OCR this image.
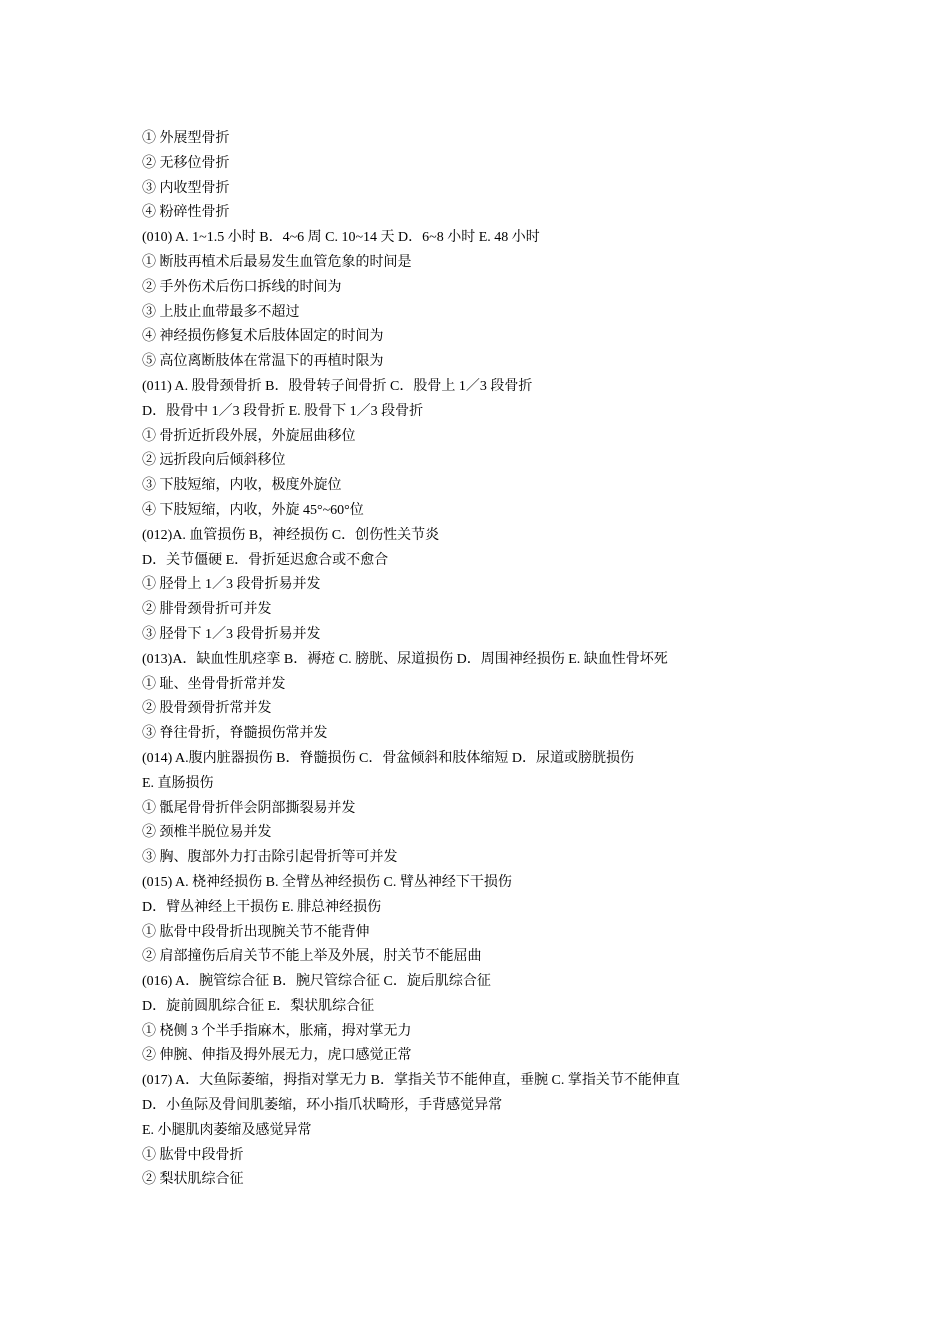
① 外展型骨折
② 无移位骨折
③ 内收型骨折
④ 粉碎性骨折
(010) A. 1~1.5 小时 B．4~6 周 C. 10~14 天 D．6~8 小时 E. 48 小时
① 断肢再植术后最易发生血管危象的时间是
② 手外伤术后伤口拆线的时间为
③ 上肢止血带最多不超过
④ 神经损伤修复术后肢体固定的时间为
⑤ 高位离断肢体在常温下的再植时限为
(011) A. 股骨颈骨折 B．股骨转子间骨折 C．股骨上 1／3 段骨折
D．股骨中 1／3 段骨折 E. 股骨下 1／3 段骨折
① 骨折近折段外展，外旋屈曲移位
② 远折段向后倾斜移位
③ 下肢短缩，内收，极度外旋位
④ 下肢短缩，内收，外旋 45°~60°位
(012)A. 血管损伤 B，神经损伤 C．创伤性关节炎
D．关节僵硬 E．骨折延迟愈合或不愈合
① 胫骨上 1／3 段骨折易并发
② 腓骨颈骨折可并发
③ 胫骨下 1／3 段骨折易并发
(013)A．缺血性肌痉挛 B．褥疮 C. 膀胱、尿道损伤 D．周围神经损伤 E. 缺血性骨坏死
① 耻、坐骨骨折常并发
② 股骨颈骨折常并发
③ 脊往骨折，脊髓损伤常并发
(014) A.腹内脏器损伤 B．脊髓损伤 C．骨盆倾斜和肢体缩短 D．尿道或膀胱损伤
E. 直肠损伤
① 骶尾骨骨折伴会阴部撕裂易并发
② 颈椎半脱位易并发
③ 胸、腹部外力打击除引起骨折等可并发
(015) A. 桡神经损伤 B. 全臂丛神经损伤 C. 臂丛神经下干损伤
D．臂丛神经上干损伤 E. 腓总神经损伤
① 肱骨中段骨折出现腕关节不能背伸
② 肩部撞伤后肩关节不能上举及外展，肘关节不能屈曲
(016) A．腕管综合征 B．腕尺管综合征 C．旋后肌综合征
D．旋前圆肌综合征 E．梨状肌综合征
① 桡侧 3 个半手指麻木，胀痛，拇对掌无力
② 伸腕、伸指及拇外展无力，虎口感觉正常
(017) A．大鱼际萎缩，拇指对掌无力 B．掌指关节不能伸直，垂腕 C. 掌指关节不能伸直
D．小鱼际及骨间肌萎缩，环小指爪状畸形，手背感觉异常
E. 小腿肌肉萎缩及感觉异常
① 肱骨中段骨折
② 梨状肌综合征
